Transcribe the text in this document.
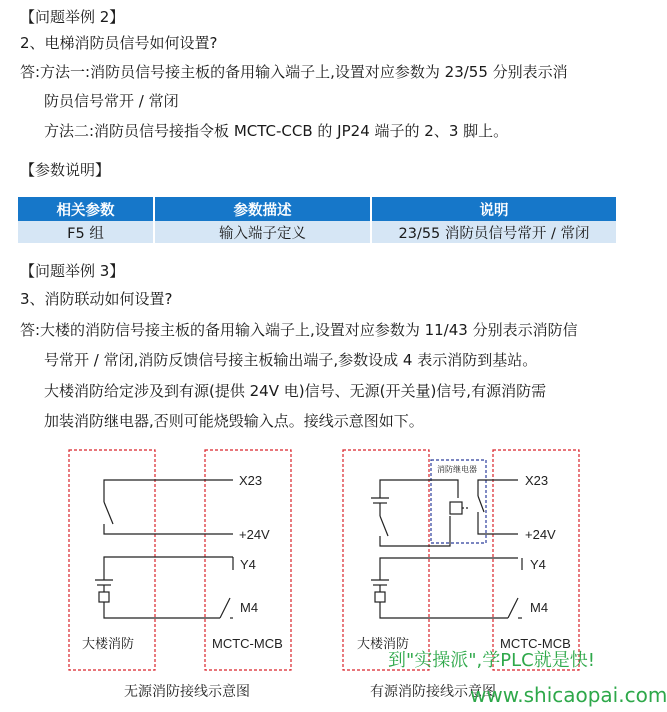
【问题举例 2】
2、电梯消防员信号如何设置?
答:方法一:消防员信号接主板的备用输入端子上,设置对应参数为 23/55 分别表示消
防员信号常开 / 常闭
方法二:消防员信号接指令板 MCTC-CCB 的 JP24 端子的 2、3 脚上。
【参数说明】
相关参数	参数描述	说明
F5 组	输入端子定义	23/55 消防员信号常开 / 常闭
【问题举例 3】
3、消防联动如何设置?
答:大楼的消防信号接主板的备用输入端子上,设置对应参数为 11/43 分别表示消防信
号常开 / 常闭,消防反馈信号接主板输出端子,参数设成 4 表示消防到基站。
大楼消防给定涉及到有源(提供 24V 电)信号、无源(开关量)信号,有源消防需
加装消防继电器,否则可能烧毁输入点。接线示意图如下。
X23
+24V
Y4
M4
大楼消防	MCTC-MCB
无源消防接线示意图
消防继电器
X23
+24V
Y4
M4
大楼消防	MCTC-MCB
有源消防接线示意图
到"实操派",学PLC就是快!
www.shicaopai.com
